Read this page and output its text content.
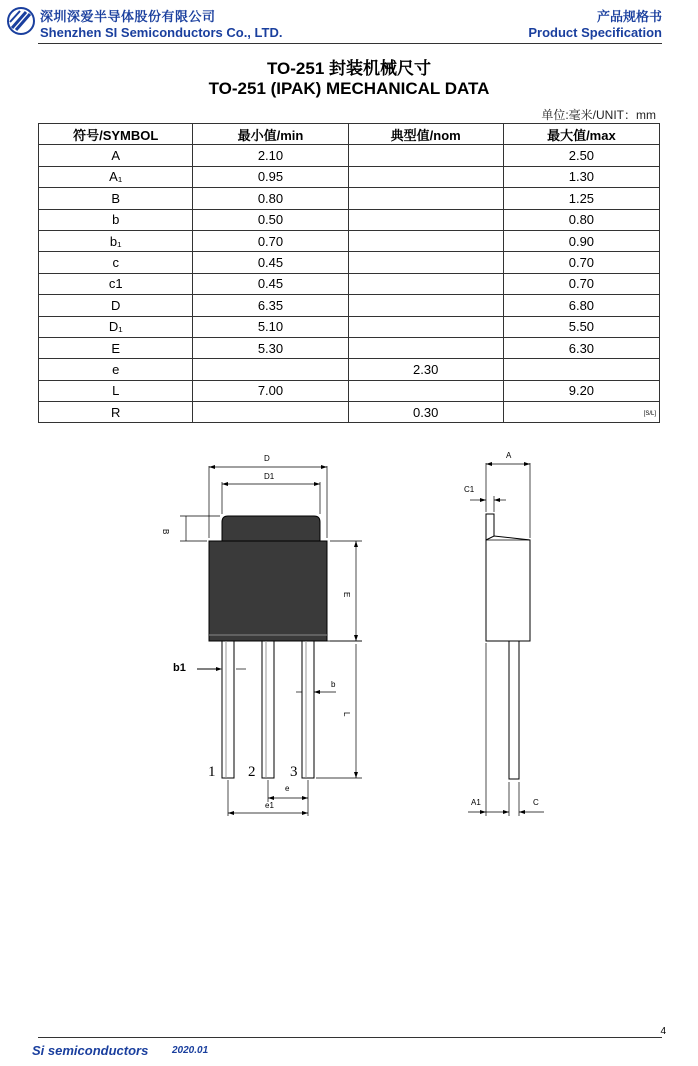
深圳深爱半导体股份有限公司
Shenzhen SI Semiconductors Co., LTD.
产品规格书
Product Specification
TO-251 封装机械尺寸
TO-251 (IPAK) MECHANICAL DATA
单位:毫米/UNIT：mm
符号/SYMBOL	最小值/min	典型值/nom	最大值/max
A	2.10		2.50
A₁	0.95		1.30
B	0.80		1.25
b	0.50		0.80
b₁	0.70		0.90
c	0.45		0.70
c1	0.45		0.70
D	6.35		6.80
D₁	5.10		5.50
E	5.30		6.30
e		2.30	
L	7.00		9.20
R		0.30	[S/L]
D
D1
B
E
L
b1
b
e
e1
1 2 3
A
C1
A1	C
4
Si semiconductors 2020.01
